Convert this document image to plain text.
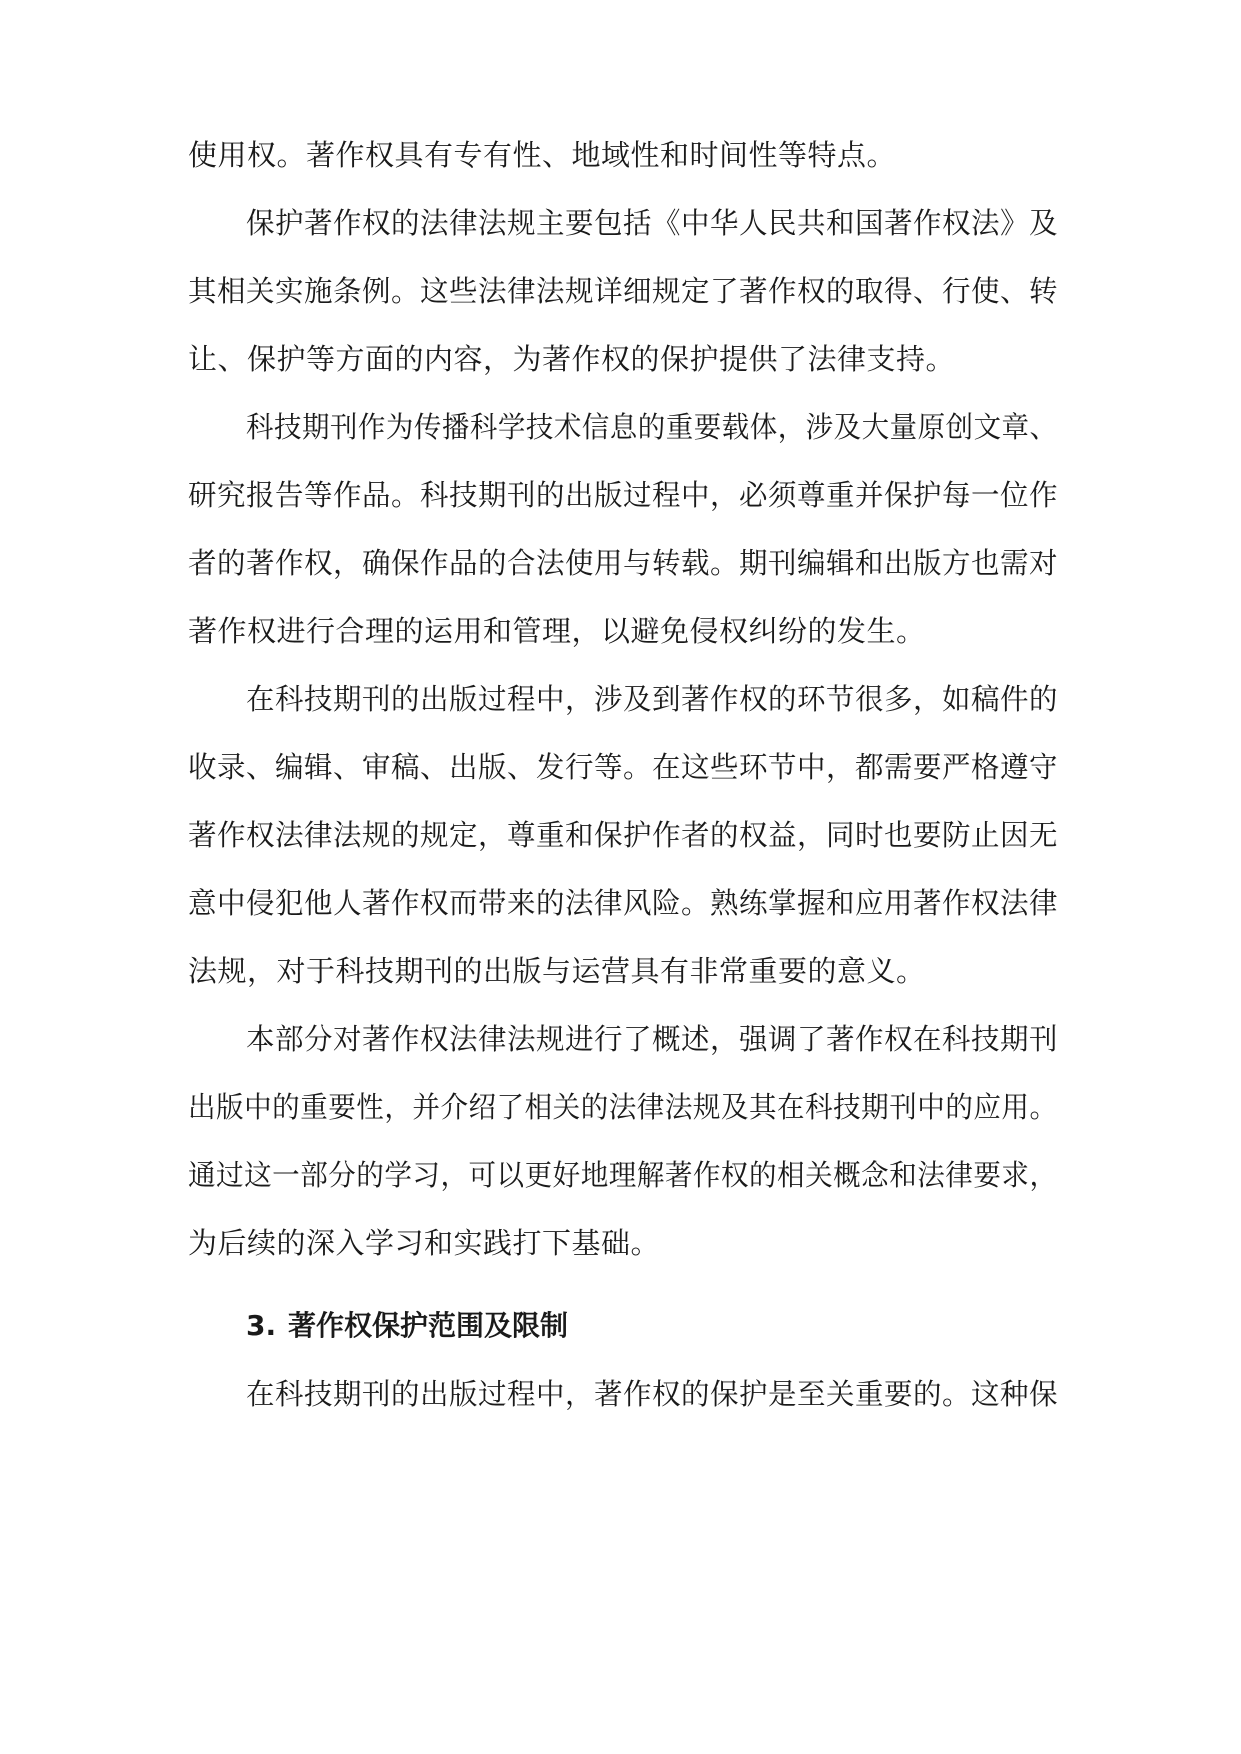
使用权。著作权具有专有性、地域性和时间性等特点。
保护著作权的法律法规主要包括《中华人民共和国著作权法》及
其相关实施条例。这些法律法规详细规定了著作权的取得、行使、转
让、保护等方面的内容，为著作权的保护提供了法律支持。
科技期刊作为传播科学技术信息的重要载体，涉及大量原创文章、
研究报告等作品。科技期刊的出版过程中，必须尊重并保护每一位作
者的著作权，确保作品的合法使用与转载。期刊编辑和出版方也需对
著作权进行合理的运用和管理，以避免侵权纠纷的发生。
在科技期刊的出版过程中，涉及到著作权的环节很多，如稿件的
收录、编辑、审稿、出版、发行等。在这些环节中，都需要严格遵守
著作权法律法规的规定，尊重和保护作者的权益，同时也要防止因无
意中侵犯他人著作权而带来的法律风险。熟练掌握和应用著作权法律
法规，对于科技期刊的出版与运营具有非常重要的意义。
本部分对著作权法律法规进行了概述，强调了著作权在科技期刊
出版中的重要性，并介绍了相关的法律法规及其在科技期刊中的应用。
通过这一部分的学习，可以更好地理解著作权的相关概念和法律要求，
为后续的深入学习和实践打下基础。
3. 著作权保护范围及限制
在科技期刊的出版过程中，著作权的保护是至关重要的。这种保
